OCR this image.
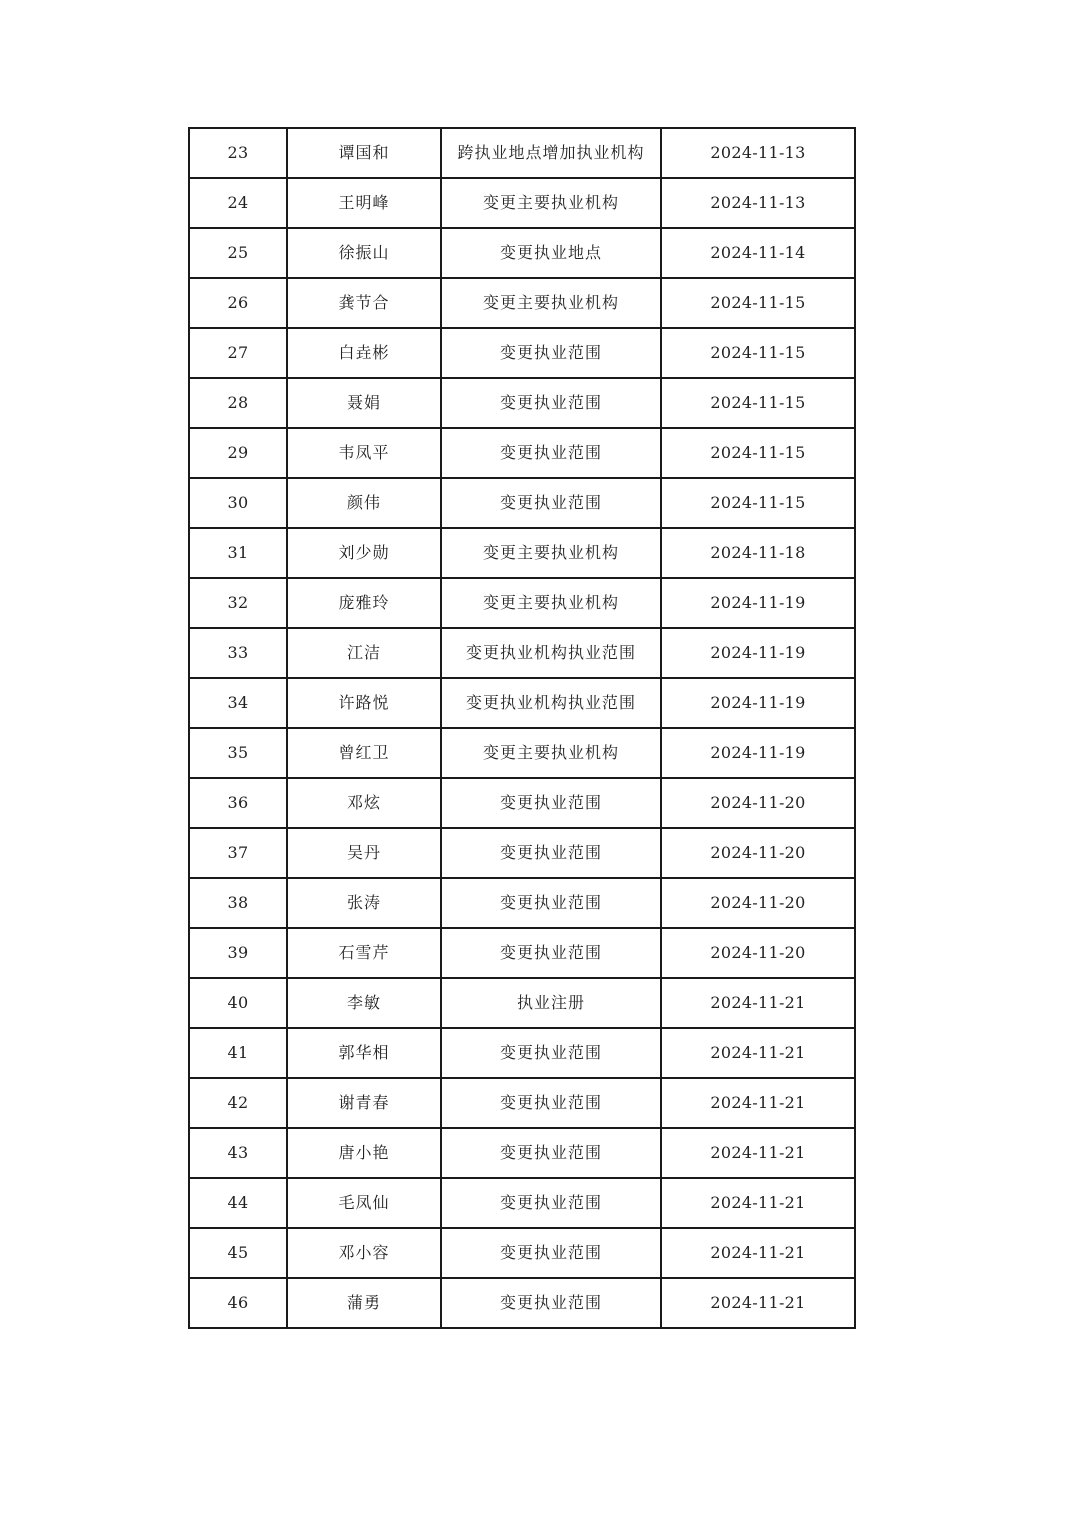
23	谭国和	跨执业地点增加执业机构	2024-11-13
24	王明峰	变更主要执业机构	2024-11-13
25	徐振山	变更执业地点	2024-11-14
26	龚节合	变更主要执业机构	2024-11-15
27	白垚彬	变更执业范围	2024-11-15
28	聂娟	变更执业范围	2024-11-15
29	韦凤平	变更执业范围	2024-11-15
30	颜伟	变更执业范围	2024-11-15
31	刘少勋	变更主要执业机构	2024-11-18
32	庞雅玲	变更主要执业机构	2024-11-19
33	江洁	变更执业机构执业范围	2024-11-19
34	许路悦	变更执业机构执业范围	2024-11-19
35	曾红卫	变更主要执业机构	2024-11-19
36	邓炫	变更执业范围	2024-11-20
37	吴丹	变更执业范围	2024-11-20
38	张涛	变更执业范围	2024-11-20
39	石雪芹	变更执业范围	2024-11-20
40	李敏	执业注册	2024-11-21
41	郭华相	变更执业范围	2024-11-21
42	谢青春	变更执业范围	2024-11-21
43	唐小艳	变更执业范围	2024-11-21
44	毛凤仙	变更执业范围	2024-11-21
45	邓小容	变更执业范围	2024-11-21
46	蒲勇	变更执业范围	2024-11-21
